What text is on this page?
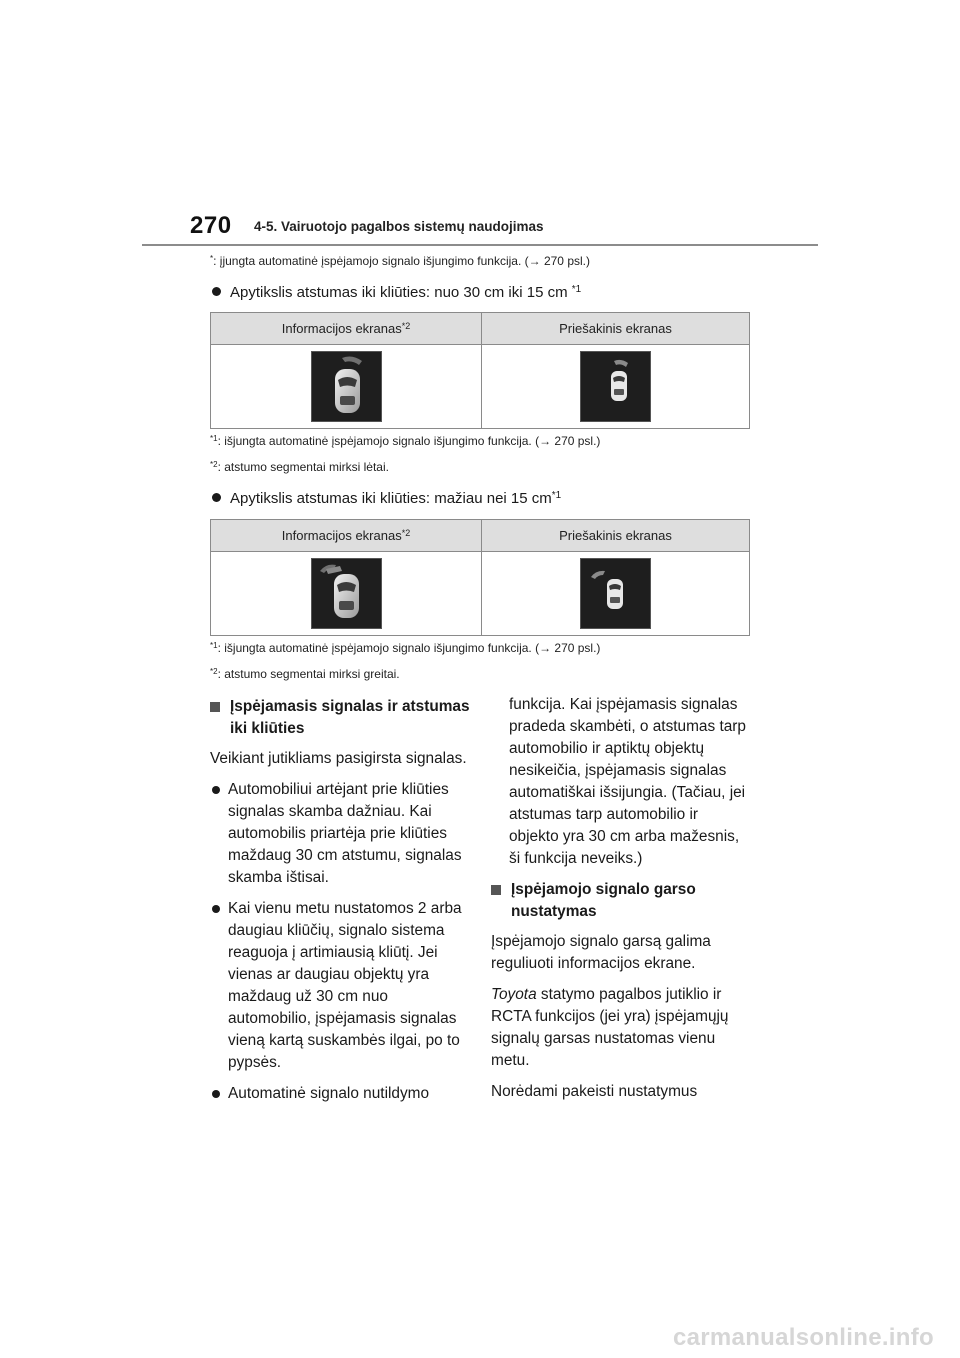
270 4-5. Vairuotojo pagalbos sistemų naudojimas
*: įjungta automatinė įspėjamojo signalo išjungimo funkcija. (→ 270 psl.)
Apytikslis atstumas iki kliūties: nuo 30 cm iki 15 cm $^{*1}$
Informacijos ekranas$^{*2}$	Priešakinis ekranas

$^{*1}$: išjungta automatinė įspėjamojo signalo išjungimo funkcija. (→ 270 psl.)
$^{*2}$: atstumo segmentai mirksi lėtai.
Apytikslis atstumas iki kliūties: mažiau nei 15 $cm^{*1}$
Informacijos ekranas$^{*2}$	Priešakinis ekranas

$^{*1}$: išjungta automatinė įspėjamojo signalo išjungimo funkcija. (→ 270 psl.)
$^{*2}$: atstumo segmentai mirksi greitai.
Įspėjamasis signalas ir atstumas iki kliūties

Veikiant jutikliams pasigirsta signalas.

Automobiliui artėjant prie kliūties signalas skamba dažniau. Kai automobilis priartėja prie kliūties maždaug 30 cm atstumu, signalas skamba ištisai.
Kai vienu metu nustatomos 2 arba daugiau kliūčių, signalo sistema reaguoja į artimiausią kliūtį. Jei vienas ar daugiau objektų yra maždaug už 30 cm nuo automobilio, įspėjamasis signalas vieną kartą suskambės ilgai, po to pypsės.
Automatinė signalo nutildymo

funkcija. Kai įspėjamasis signalas pradeda skambėti, o atstumas tarp automobilio ir aptiktų objektų nesikeičia, įspėjamasis signalas automatiškai išsijungia. (Tačiau, jei atstumas tarp automobilio ir objekto yra 30 cm arba mažesnis, ši funkcija neveiks.)

Įspėjamojo signalo garso nustatymas

Įspėjamojo signalo garsą galima reguliuoti informacijos ekrane.

Toyota statymo pagalbos jutiklio ir RCTA funkcijos (jei yra) įspėjamųjų signalų garsas nustatomas vienu metu.

Norėdami pakeisti nustatymus

carmanualsonline.info
